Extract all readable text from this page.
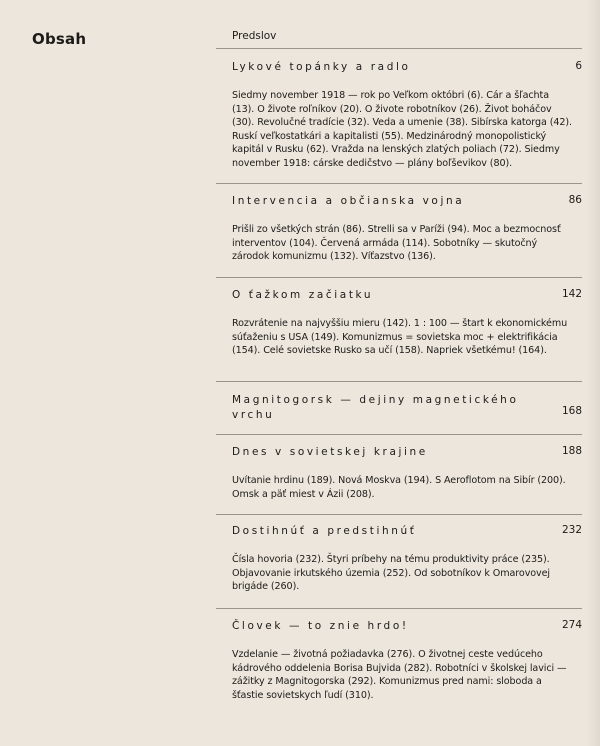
Obsah	Predslov
Lykové topánky a radlo	6
Siedmy november 1918 — rok po Veľkom októbri (6). Cár a šľachta (13). O živote roľníkov (20). O živote robotníkov (26). Život boháčov (30). Revolučné tradície (32). Veda a umenie (38). Sibírska katorga (42). Ruskí veľkostatkári a kapitalisti (55). Medzinárodný monopolistický kapitál v Rusku (62). Vražda na lenských zlatých poliach (72). Siedmy november 1918: cárske dedičstvo — plány boľševikov (80).
Intervencia a občianska vojna	86
Prišli zo všetkých strán (86). Strelli sa v Paríži (94). Moc a bezmocnosť interventov (104). Červená armáda (114). Sobotníky — skutočný zárodok komunizmu (132). Víťazstvo (136).
O ťažkom začiatku	142
Rozvrátenie na najvyššiu mieru (142). 1 : 100 — štart k ekonomickému súťaženiu s USA (149). Komunizmus = sovietska moc + elektrifikácia (154). Celé sovietske Rusko sa učí (158). Napriek všetkému! (164).
Magnitogorsk — dejiny magnetického vrchu	168
Dnes v sovietskej krajine	188
Uvítanie hrdinu (189). Nová Moskva (194). S Aeroflotom na Sibír (200). Omsk a päť miest v Ázii (208).
Dostihnúť a predstihnúť	232
Čísla hovoria (232). Štyri príbehy na tému produktivity práce (235). Objavovanie irkutského územia (252). Od sobotníkov k Omarovovej brigáde (260).
Človek — to znie hrdo!	274
Vzdelanie — životná požiadavka (276). O životnej ceste vedúceho kádrového oddelenia Borisa Bujvida (282). Robotníci v školskej lavici — zážitky z Magnitogorska (292). Komunizmus pred nami: sloboda a šťastie sovietskych ľudí (310).
